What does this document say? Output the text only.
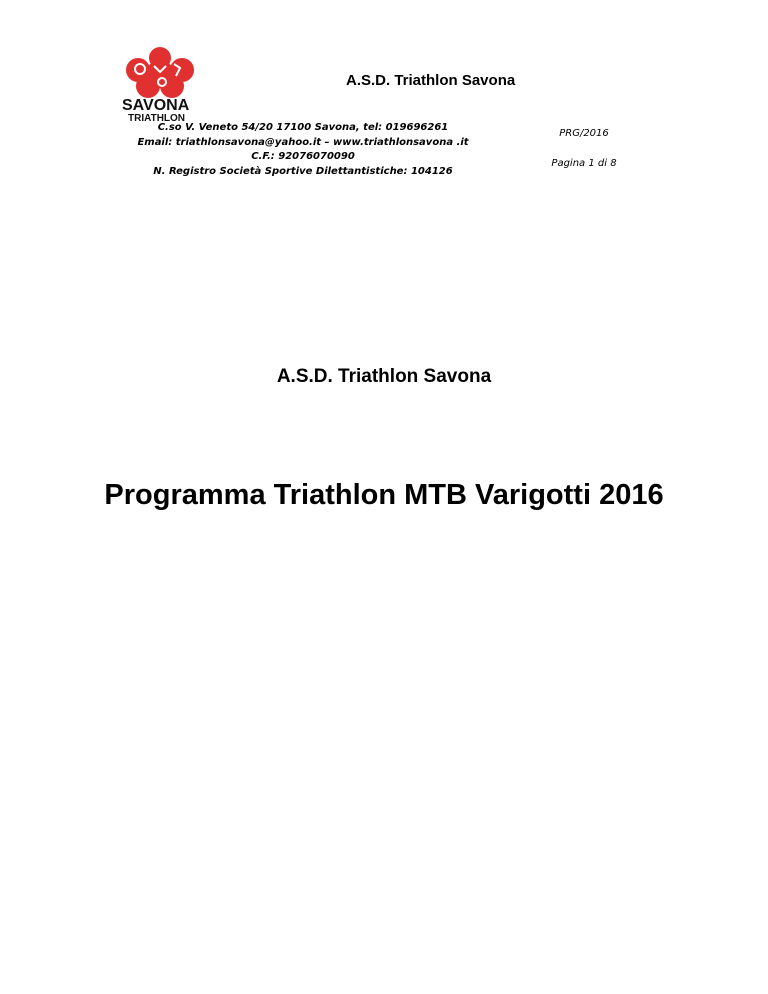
SAVONA
TRIATHLON
A.S.D. Triathlon Savona
C.so V. Veneto 54/20 17100 Savona, tel: 019696261
Email: triathlonsavona@yahoo.it – www.triathlonsavona .it
C.F.: 92076070090
N. Registro Società Sportive Dilettantistiche: 104126
PRG/2016
Pagina 1 di 8
A.S.D. Triathlon Savona
Programma Triathlon MTB Varigotti 2016
